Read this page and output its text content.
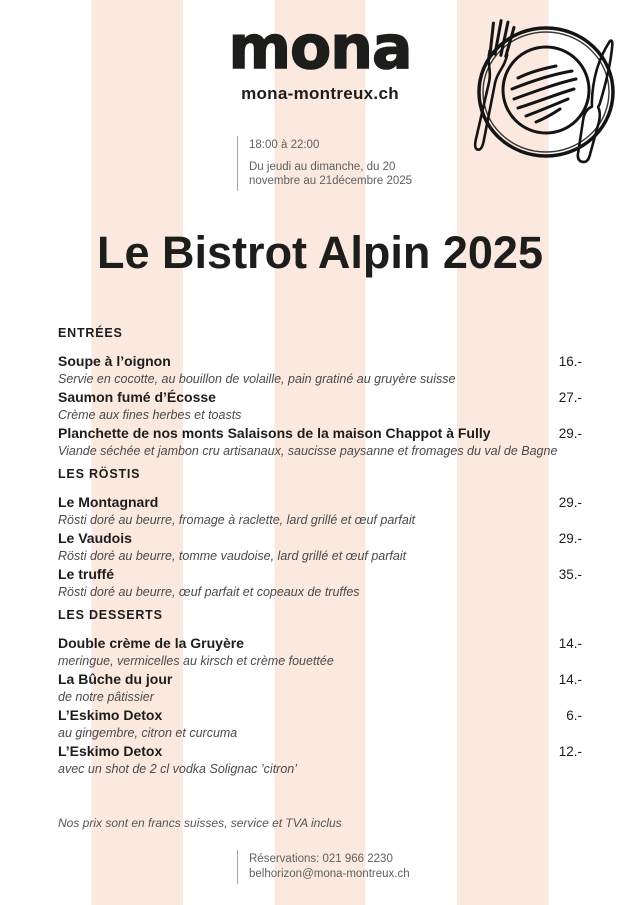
mona
mona-montreux.ch
18:00 à 22:00
Du jeudi au dimanche, du 20
novembre au 21décembre 2025
Le Bistrot Alpin 2025
ENTRÉES
Soupe à l’oignon	16.-
Servie en cocotte, au bouillon de volaille, pain gratiné au gruyère suisse
Saumon fumé d’Écosse	27.-
Crème aux fines herbes et toasts
Planchette de nos monts Salaisons de la maison Chappot à Fully	29.-
Viande séchée et jambon cru artisanaux, saucisse paysanne et fromages du val de Bagne
LES RÖSTIS
Le Montagnard	29.-
Rösti doré au beurre, fromage à raclette, lard grillé et œuf parfait
Le Vaudois	29.-
Rösti doré au beurre, tomme vaudoise, lard grillé et œuf parfait
Le truffé	35.-
Rösti doré au beurre, œuf parfait et copeaux de truffes
LES DESSERTS
Double crème de la Gruyère	14.-
meringue, vermicelles au kirsch et crème fouettée
La Bûche du jour	14.-
de notre pâtissier
L’Eskimo Detox	6.-
au gingembre, citron et curcuma
L’Eskimo Detox	12.-
avec un shot de 2 cl vodka Solignac ’citron’
Nos prix sont en francs suisses, service et TVA inclus
Réservations: 021 966 2230
belhorizon@mona-montreux.ch
